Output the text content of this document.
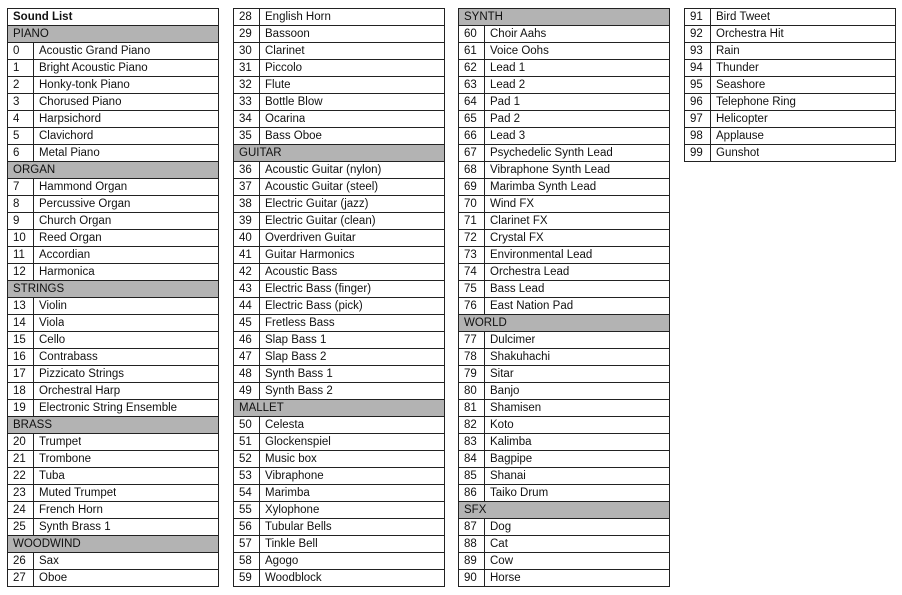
Sound List
PIANO
0	Acoustic Grand Piano
1	Bright Acoustic Piano
2	Honky-tonk Piano
3	Chorused Piano
4	Harpsichord
5	Clavichord
6	Metal Piano
ORGAN
7	Hammond Organ
8	Percussive Organ
9	Church Organ
10	Reed Organ
11	Accordian
12	Harmonica
STRINGS
13	Violin
14	Viola
15	Cello
16	Contrabass
17	Pizzicato Strings
18	Orchestral Harp
19	Electronic String Ensemble
BRASS
20	Trumpet
21	Trombone
22	Tuba
23	Muted Trumpet
24	French Horn
25	Synth Brass 1
WOODWIND
26	Sax
27	Oboe
28	English Horn
29	Bassoon
30	Clarinet
31	Piccolo
32	Flute
33	Bottle Blow
34	Ocarina
35	Bass Oboe
GUITAR
36	Acoustic Guitar (nylon)
37	Acoustic Guitar (steel)
38	Electric Guitar (jazz)
39	Electric Guitar (clean)
40	Overdriven Guitar
41	Guitar Harmonics
42	Acoustic Bass
43	Electric Bass (finger)
44	Electric Bass (pick)
45	Fretless Bass
46	Slap Bass 1
47	Slap Bass 2
48	Synth Bass 1
49	Synth Bass 2
MALLET
50	Celesta
51	Glockenspiel
52	Music box
53	Vibraphone
54	Marimba
55	Xylophone
56	Tubular Bells
57	Tinkle Bell
58	Agogo
59	Woodblock
SYNTH
60	Choir Aahs
61	Voice Oohs
62	Lead 1
63	Lead 2
64	Pad 1
65	Pad 2
66	Lead 3
67	Psychedelic Synth Lead
68	Vibraphone Synth Lead
69	Marimba Synth Lead
70	Wind FX
71	Clarinet FX
72	Crystal FX
73	Environmental Lead
74	Orchestra Lead
75	Bass Lead
76	East Nation Pad
WORLD
77	Dulcimer
78	Shakuhachi
79	Sitar
80	Banjo
81	Shamisen
82	Koto
83	Kalimba
84	Bagpipe
85	Shanai
86	Taiko Drum
SFX
87	Dog
88	Cat
89	Cow
90	Horse
91	Bird Tweet
92	Orchestra Hit
93	Rain
94	Thunder
95	Seashore
96	Telephone Ring
97	Helicopter
98	Applause
99	Gunshot
